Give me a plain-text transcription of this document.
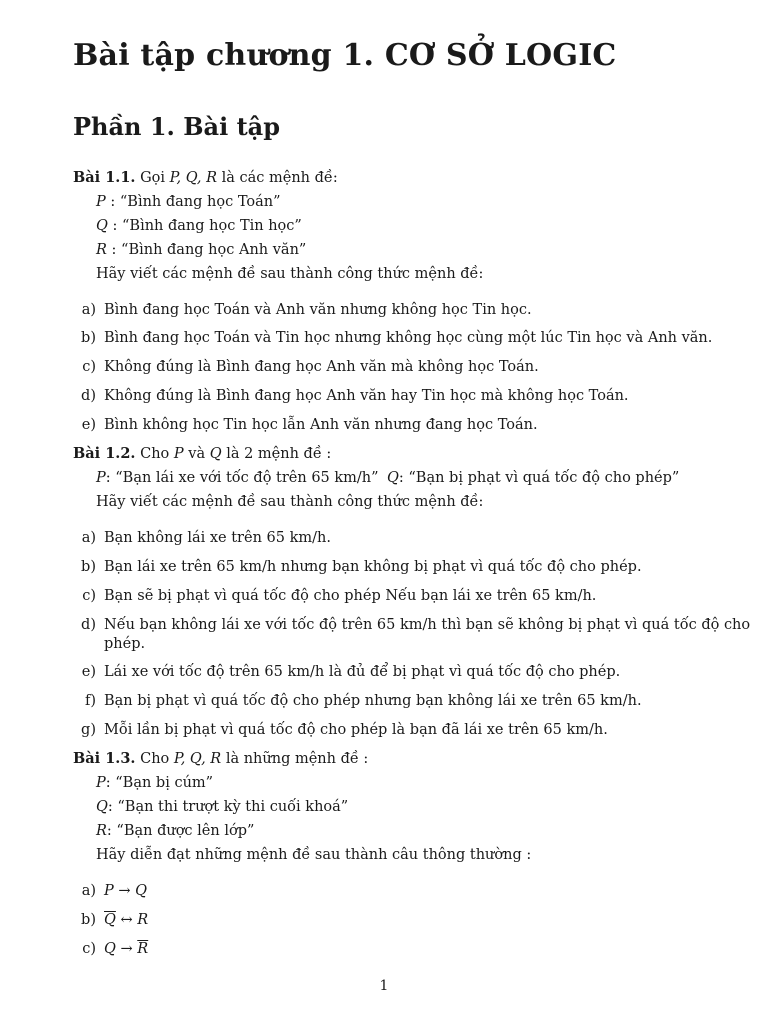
Bài tập chương 1. CƠ SỞ LOGIC
Phần 1. Bài tập
Bài 1.1. Gọi P, Q, R là các mệnh đề:
P : “Bình đang học Toán”
Q : “Bình đang học Tin học”
R : “Bình đang học Anh văn”
Hãy viết các mệnh đề sau thành công thức mệnh đề:
a) Bình đang học Toán và Anh văn nhưng không học Tin học.
b) Bình đang học Toán và Tin học nhưng không học cùng một lúc Tin học và Anh văn.
c) Không đúng là Bình đang học Anh văn mà không học Toán.
d) Không đúng là Bình đang học Anh văn hay Tin học mà không học Toán.
e) Bình không học Tin học lẫn Anh văn nhưng đang học Toán.
Bài 1.2. Cho P và Q là 2 mệnh đề :
P: “Bạn lái xe với tốc độ trên 65 km/h” Q: “Bạn bị phạt vì quá tốc độ cho phép”
Hãy viết các mệnh đề sau thành công thức mệnh đề:
a) Bạn không lái xe trên 65 km/h.
b) Bạn lái xe trên 65 km/h nhưng bạn không bị phạt vì quá tốc độ cho phép.
c) Bạn sẽ bị phạt vì quá tốc độ cho phép Nếu bạn lái xe trên 65 km/h.
d) Nếu bạn không lái xe với tốc độ trên 65 km/h thì bạn sẽ không bị phạt vì quá tốc độ cho
phép.
e) Lái xe với tốc độ trên 65 km/h là đủ để bị phạt vì quá tốc độ cho phép.
f) Bạn bị phạt vì quá tốc độ cho phép nhưng bạn không lái xe trên 65 km/h.
g) Mỗi lần bị phạt vì quá tốc độ cho phép là bạn đã lái xe trên 65 km/h.
Bài 1.3. Cho P, Q, R là những mệnh đề :
P: “Bạn bị cúm”
Q: “Bạn thi trượt kỳ thi cuối khoá”
R: “Bạn được lên lớp”
Hãy diễn đạt những mệnh đề sau thành câu thông thường :
a) P → Q
b) $\overline{Q}$ ↔ R
c) $Q \to \overline{R}$
1
